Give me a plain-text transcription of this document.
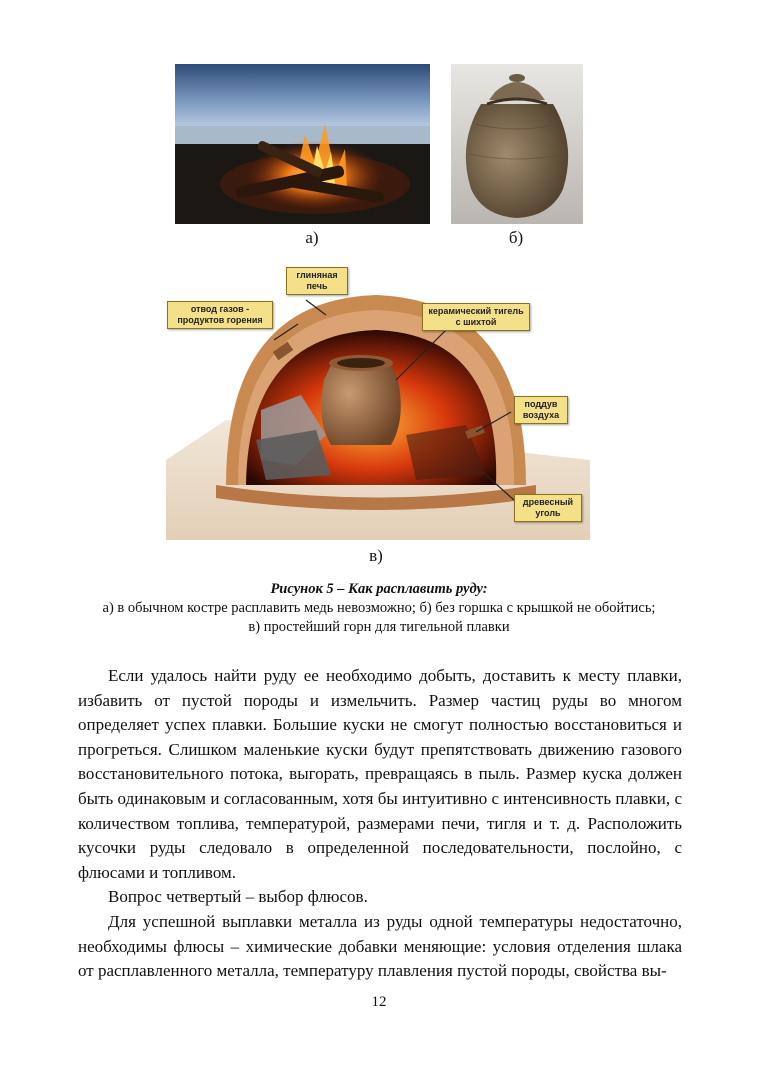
а)	б)
глиняная печь
отвод газов - продуктов горения
керамический тигель с шихтой
поддув воздуха
древесный уголь
в)
Рисунок 5 – Как расплавить руду:
а) в обычном костре расплавить медь невозможно; б) без горшка с крышкой не обойтись;
в) простейший горн для тигельной плавки

Если удалось найти руду ее необходимо добыть, доставить к месту плавки, избавить от пустой породы и измельчить. Размер частиц руды во многом определяет успех плавки. Большие куски не смогут полностью восстановиться и прогреться. Слишком маленькие куски будут препятствовать движению газового восстановительного потока, выгорать, превращаясь в пыль. Размер куска должен быть одинаковым и согласованным, хотя бы интуитивно с интенсивность плавки, с количеством топлива, температурой, размерами печи, тигля и т. д. Расположить кусочки руды следовало в определенной последовательности, послойно, с флюсами и топливом.

Вопрос четвертый – выбор флюсов.

Для успешной выплавки металла из руды одной температуры недостаточно, необходимы флюсы – химические добавки меняющие: условия отделения шлака от расплавленного металла, температуру плавления пустой породы, свойства вы-

12
